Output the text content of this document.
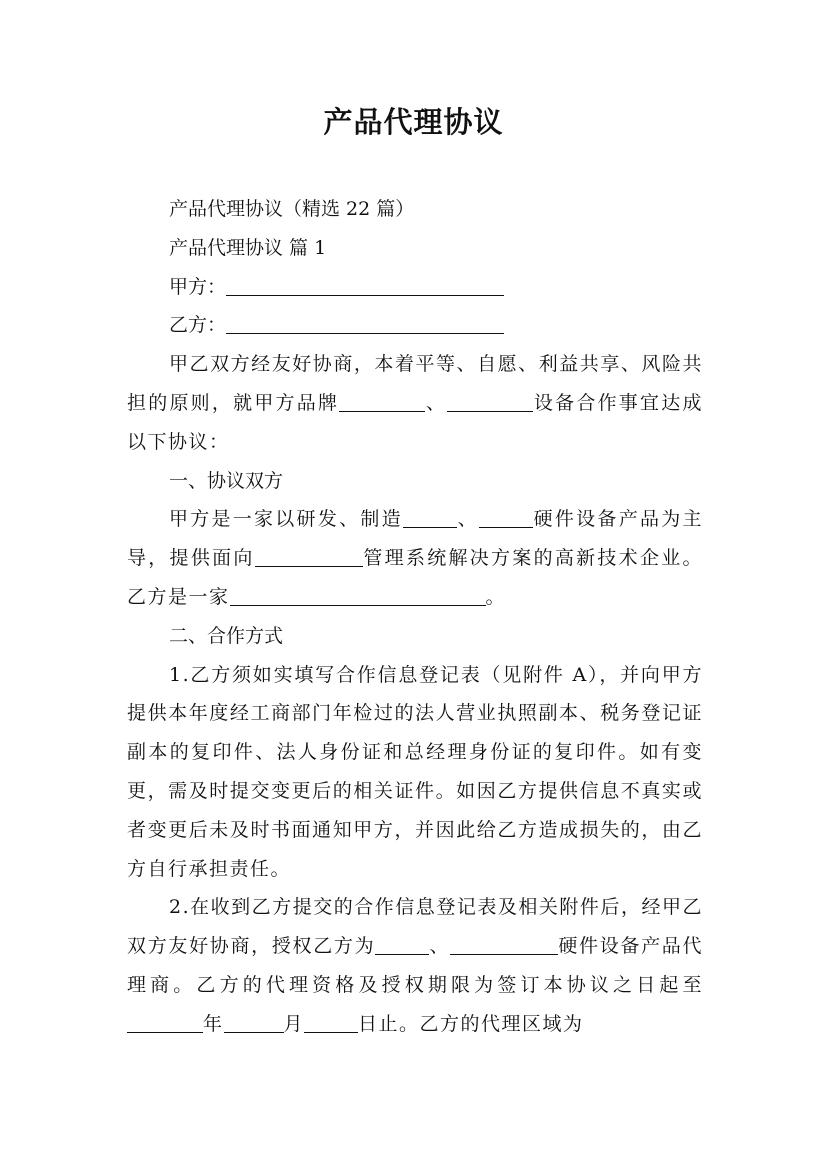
产品代理协议

产品代理协议（精选 22 篇）

产品代理协议 篇 1

甲方：

乙方：

甲乙双方经友好协商，本着平等、自愿、利益共享、风险共担的原则，就甲方品牌	、	设备合作事宜达成以下协议：

一、协议双方

甲方是一家以研发、制造	、	硬件设备产品为主导，提供面向	管理系统解决方案的高新技术企业。乙方是一家	。

二、合作方式

1.乙方须如实填写合作信息登记表（见附件 A），并向甲方提供本年度经工商部门年检过的法人营业执照副本、税务登记证副本的复印件、法人身份证和总经理身份证的复印件。如有变更，需及时提交变更后的相关证件。如因乙方提供信息不真实或者变更后未及时书面通知甲方，并因此给乙方造成损失的，由乙方自行承担责任。

2.在收到乙方提交的合作信息登记表及相关附件后，经甲乙双方友好协商，授权乙方为	、	硬件设备产品代理商。乙方的代理资格及授权期限为签订本协议之日起至年	月	日止。乙方的代理区域为
